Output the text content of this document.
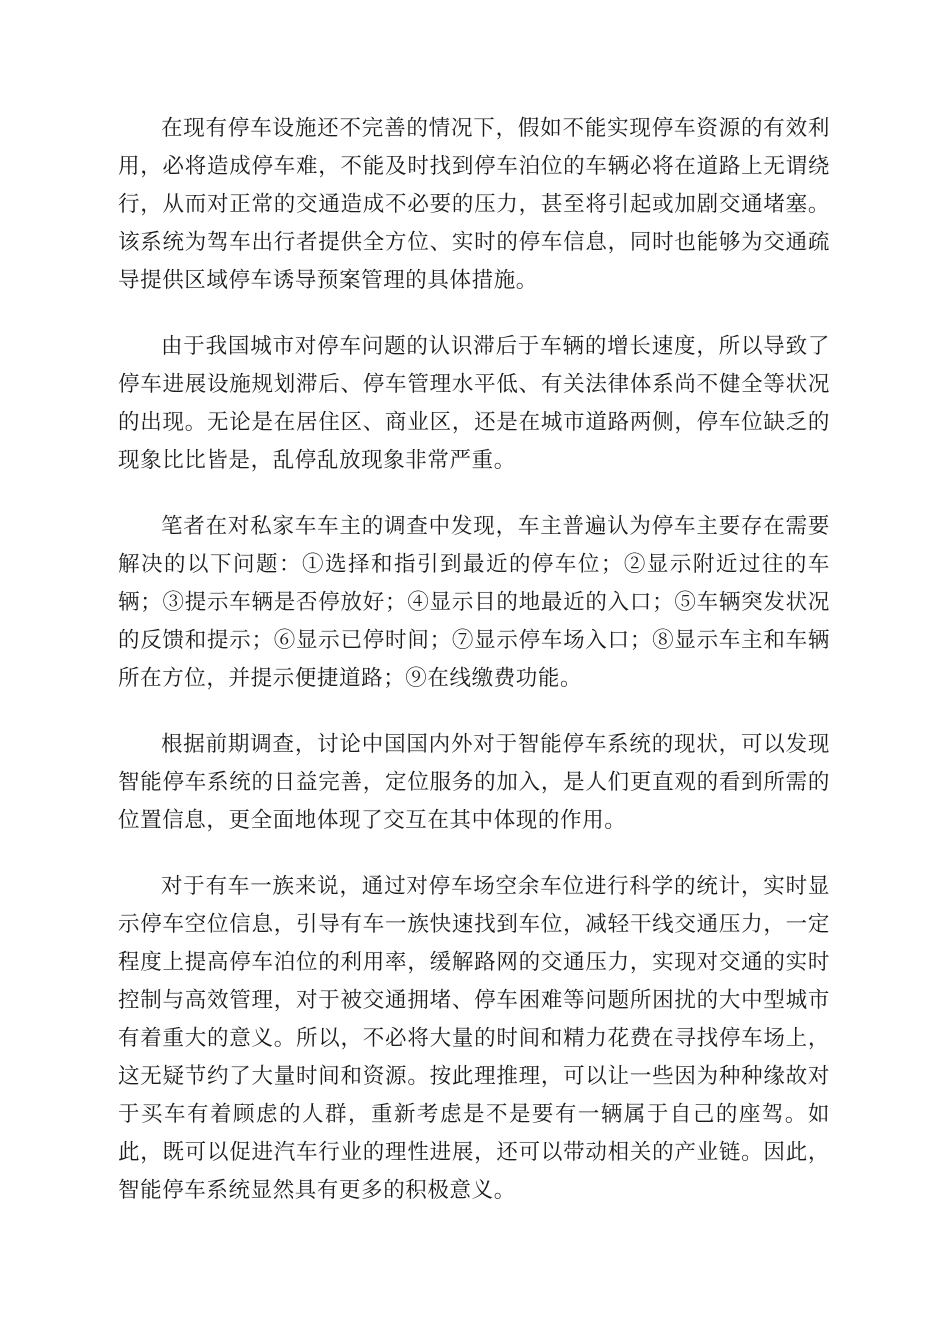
在现有停车设施还不完善的情况下，假如不能实现停车资源的有效利用，必将造成停车难，不能及时找到停车泊位的车辆必将在道路上无谓绕行，从而对正常的交通造成不必要的压力，甚至将引起或加剧交通堵塞。该系统为驾车出行者提供全方位、实时的停车信息，同时也能够为交通疏导提供区域停车诱导预案管理的具体措施。

由于我国城市对停车问题的认识滞后于车辆的增长速度，所以导致了停车进展设施规划滞后、停车管理水平低、有关法律体系尚不健全等状况的出现。无论是在居住区、商业区，还是在城市道路两侧，停车位缺乏的现象比比皆是，乱停乱放现象非常严重。

笔者在对私家车车主的调查中发现，车主普遍认为停车主要存在需要解决的以下问题：①选择和指引到最近的停车位；②显示附近过往的车辆；③提示车辆是否停放好；④显示目的地最近的入口；⑤车辆突发状况的反馈和提示；⑥显示已停时间；⑦显示停车场入口；⑧显示车主和车辆所在方位，并提示便捷道路；⑨在线缴费功能。

根据前期调查，讨论中国国内外对于智能停车系统的现状，可以发现智能停车系统的日益完善，定位服务的加入，是人们更直观的看到所需的位置信息，更全面地体现了交互在其中体现的作用。

对于有车一族来说，通过对停车场空余车位进行科学的统计，实时显示停车空位信息，引导有车一族快速找到车位，减轻干线交通压力，一定程度上提高停车泊位的利用率，缓解路网的交通压力，实现对交通的实时控制与高效管理，对于被交通拥堵、停车困难等问题所困扰的大中型城市有着重大的意义。所以，不必将大量的时间和精力花费在寻找停车场上，这无疑节约了大量时间和资源。按此理推理，可以让一些因为种种缘故对于买车有着顾虑的人群，重新考虑是不是要有一辆属于自己的座驾。如此，既可以促进汽车行业的理性进展，还可以带动相关的产业链。因此，智能停车系统显然具有更多的积极意义。
